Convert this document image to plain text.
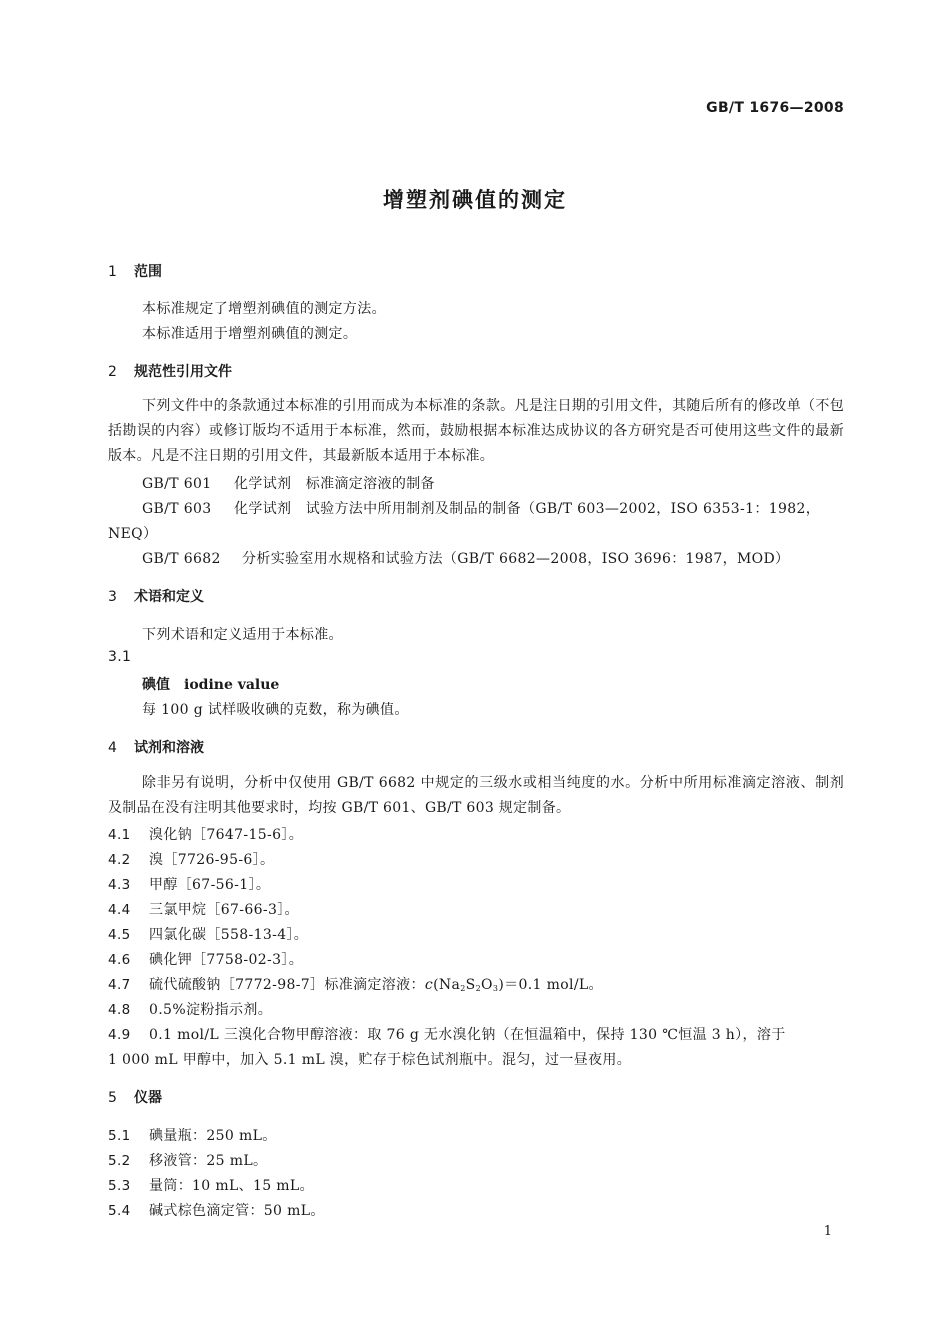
GB/T 1676—2008
增塑剂碘值的测定
1 范围
本标准规定了增塑剂碘值的测定方法。
本标准适用于增塑剂碘值的测定。
2 规范性引用文件
下列文件中的条款通过本标准的引用而成为本标准的条款。凡是注日期的引用文件，其随后所有的修改单（不包括勘误的内容）或修订版均不适用于本标准，然而，鼓励根据本标准达成协议的各方研究是否可使用这些文件的最新版本。凡是不注日期的引用文件，其最新版本适用于本标准。
GB/T 601 化学试剂　标准滴定溶液的制备
GB/T 603 化学试剂　试验方法中所用制剂及制品的制备（GB/T 603—2002，ISO 6353-1：1982，
NEQ）
GB/T 6682 分析实验室用水规格和试验方法（GB/T 6682—2008，ISO 3696：1987，MOD）
3 术语和定义
下列术语和定义适用于本标准。
3.1
碘值 iodine value
每 100 g 试样吸收碘的克数，称为碘值。
4 试剂和溶液
除非另有说明，分析中仅使用 GB/T 6682 中规定的三级水或相当纯度的水。分析中所用标准滴定溶液、制剂及制品在没有注明其他要求时，均按 GB/T 601、GB/T 603 规定制备。
4.1 溴化钠［7647-15-6］。
4.2 溴［7726-95-6］。
4.3 甲醇［67-56-1］。
4.4 三氯甲烷［67-66-3］。
4.5 四氯化碳［558-13-4］。
4.6 碘化钾［7758-02-3］。
4.7 硫代硫酸钠［7772-98-7］标准滴定溶液：$c(Na_2S_2O_3)=0.1$ mol/L。
4.8 0.5%淀粉指示剂。
4.9 0.1 mol/L 三溴化合物甲醇溶液：取 76 g 无水溴化钠（在恒温箱中，保持 130 ℃恒温 3 h），溶于
1 000 mL 甲醇中，加入 5.1 mL 溴，贮存于棕色试剂瓶中。混匀，过一昼夜用。
5 仪器
5.1 碘量瓶：250 mL。
5.2 移液管：25 mL。
5.3 量筒：10 mL、15 mL。
5.4 碱式棕色滴定管：50 mL。
1
